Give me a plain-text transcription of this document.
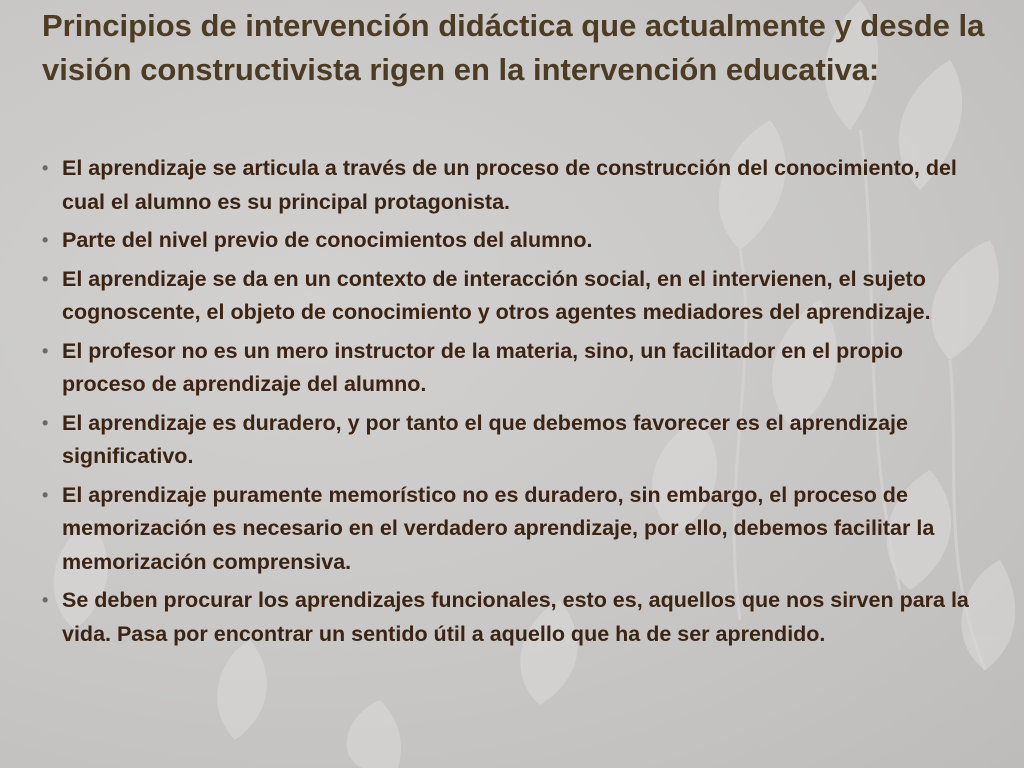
Principios de intervención didáctica que actualmente y desde la visión constructivista rigen en la intervención educativa:
• El aprendizaje se articula a través de un proceso de construcción del conocimiento, del cual el alumno es su principal protagonista.
• Parte del nivel previo de conocimientos del alumno.
• El aprendizaje se da en un contexto de interacción social, en el intervienen, el sujeto cognoscente, el objeto de conocimiento y otros agentes mediadores del aprendizaje.
• El profesor no es un mero instructor de la materia, sino, un facilitador en el propio proceso de aprendizaje del alumno.
• El aprendizaje es duradero, y por tanto el que debemos favorecer es el aprendizaje significativo.
• El aprendizaje puramente memorístico no es duradero, sin embargo, el proceso de memorización es necesario en el verdadero aprendizaje, por ello, debemos facilitar la memorización comprensiva.
• Se deben procurar los aprendizajes funcionales, esto es, aquellos que nos sirven para la vida. Pasa por encontrar un sentido útil a aquello que ha de ser aprendido.
